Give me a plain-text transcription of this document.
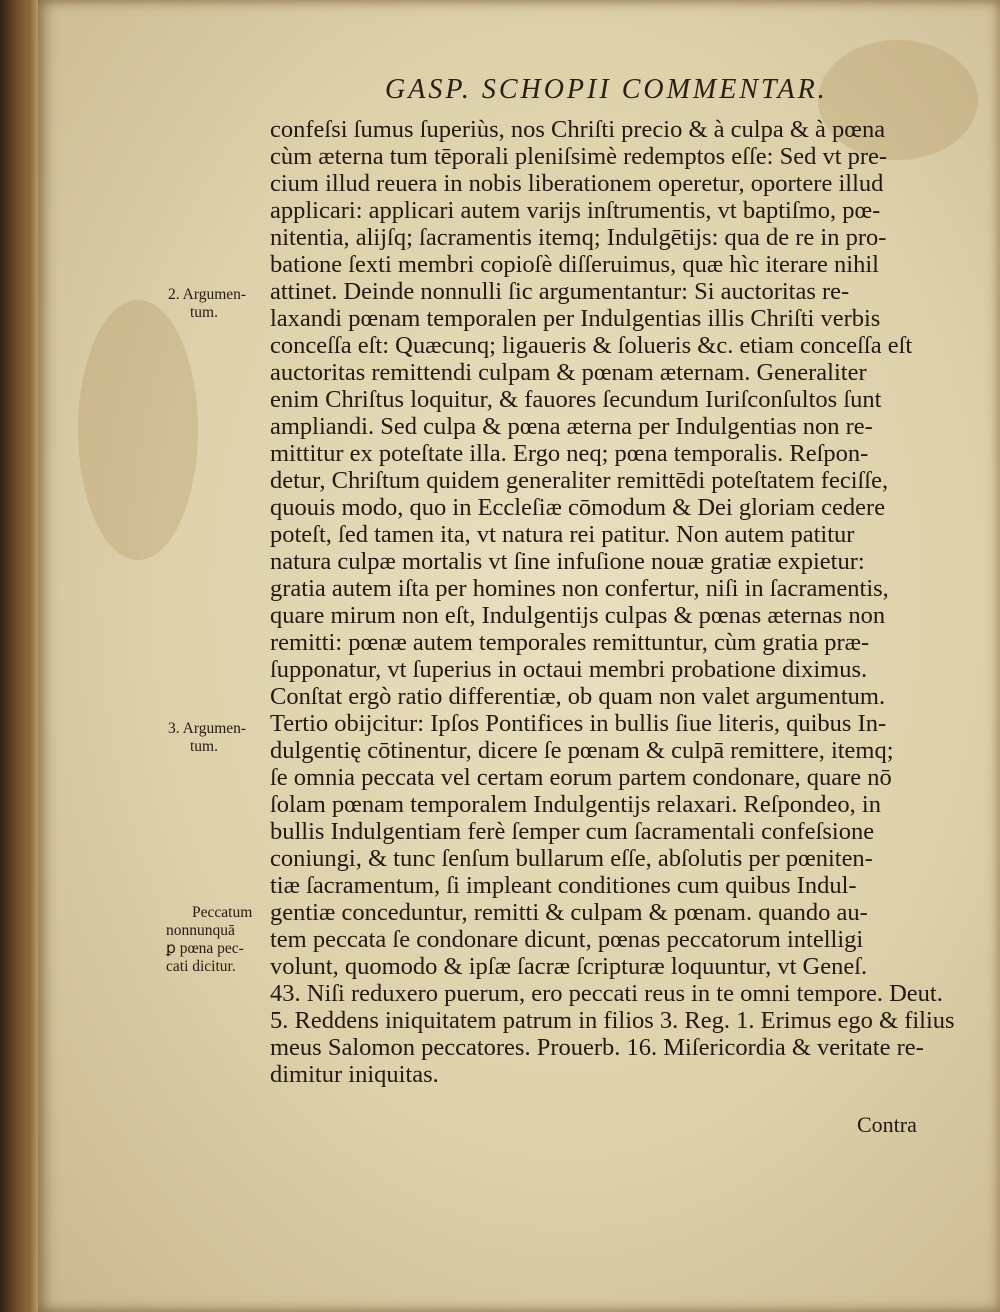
GASP. SCHOPII COMMENTAR.
confeſsi ſumus ſuperiùs, nos Chriſti precio & à culpa & à pœna
cùm æterna tum tēporali pleniſsimè redemptos eſſe: Sed vt pre-
cium illud reuera in nobis liberationem operetur, oportere illud
applicari: applicari autem varijs inſtrumentis, vt baptiſmo, pœ-
nitentia, alijſq; ſacramentis itemq; Indulgētijs: qua de re in pro-
batione ſexti membri copioſè diſſeruimus, quæ hìc iterare nihil
attinet. Deinde nonnulli ſic argumentantur: Si auctoritas re-
laxandi pœnam temporalen per Indulgentias illis Chriſti verbis
conceſſa eſt: Quæcunq; ligaueris & ſolueris &c. etiam conceſſa eſt
auctoritas remittendi culpam & pœnam æternam. Generaliter
enim Chriſtus loquitur, & fauores ſecundum Iuriſconſultos ſunt
ampliandi. Sed culpa & pœna æterna per Indulgentias non re-
mittitur ex poteſtate illa. Ergo neq; pœna temporalis. Reſpon-
detur, Chriſtum quidem generaliter remittēdi poteſtatem feciſſe,
quouis modo, quo in Eccleſiæ cōmodum & Dei gloriam cedere
poteſt, ſed tamen ita, vt natura rei patitur. Non autem patitur
natura culpæ mortalis vt ſine infuſione nouæ gratiæ expietur:
gratia autem iſta per homines non confertur, niſi in ſacramentis,
quare mirum non eſt, Indulgentijs culpas & pœnas æternas non
remitti: pœnæ autem temporales remittuntur, cùm gratia præ-
ſupponatur, vt ſuperius in octaui membri probatione diximus.
Conſtat ergò ratio differentiæ, ob quam non valet argumentum.
Tertio obijcitur: Ipſos Pontifices in bullis ſiue literis, quibus In-
dulgentię cōtinentur, dicere ſe pœnam & culpā remittere, itemq;
ſe omnia peccata vel certam eorum partem condonare, quare nō
ſolam pœnam temporalem Indulgentijs relaxari. Reſpondeo, in
bullis Indulgentiam ferè ſemper cum ſacramentali confeſsione
coniungi, & tunc ſenſum bullarum eſſe, abſolutis per pœniten-
tiæ ſacramentum, ſi impleant conditiones cum quibus Indul-
gentiæ conceduntur, remitti & culpam & pœnam. quando au-
tem peccata ſe condonare dicunt, pœnas peccatorum intelligi
volunt, quomodo & ipſæ ſacræ ſcripturæ loquuntur, vt Geneſ.
43. Niſi reduxero puerum, ero peccati reus in te omni tempore. Deut.
5. Reddens iniquitatem patrum in filios 3. Reg. 1. Erimus ego & filius
meus Salomon peccatores. Prouerb. 16. Miſericordia & veritate re-
dimitur iniquitas.
2. Argumen-
tum.
3. Argumen-
tum.
Peccatum
nonnunquā
ꝑ pœna pec-
cati dicitur.
Contra
